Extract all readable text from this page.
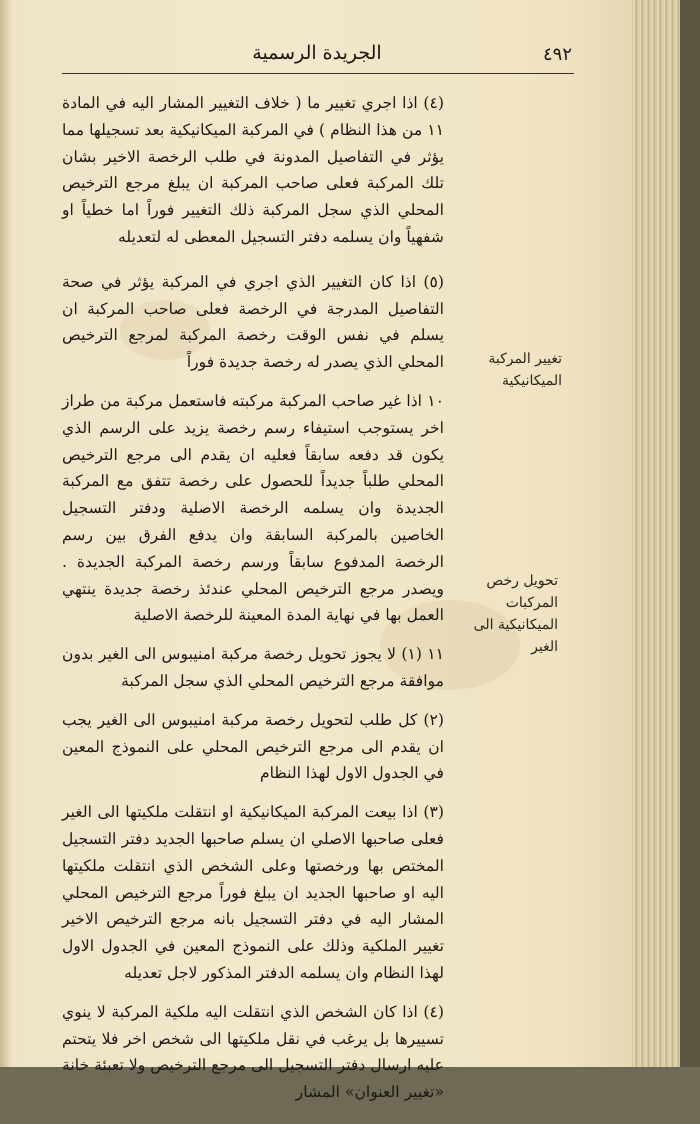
٤٩٢
الجريدة الرسمية

(٤) اذا اجري تغيير ما ( خلاف التغيير المشار اليه في المادة ١١ من هذا النظام ) في المركبة الميكانيكية بعد تسجيلها مما يؤثر في التفاصيل المدونة في طلب الرخصة الاخير بشان تلك المركبة فعلى صاحب المركبة ان يبلغ مرجع الترخيص المحلي الذي سجل المركبة ذلك التغيير فوراً اما خطياً او شفهياً وان يسلمه دفتر التسجيل المعطى له لتعديله

(٥) اذا كان التغيير الذي اجري في المركبة يؤثر في صحة التفاصيل المدرجة في الرخصة فعلى صاحب المركبة ان يسلم في نفس الوقت رخصة المركبة لمرجع الترخيص المحلي الذي يصدر له رخصة جديدة فوراً

١٠ اذا غير صاحب المركبة مركبته فاستعمل مركبة من طراز اخر يستوجب استيفاء رسم رخصة يزيد على الرسم الذي يكون قد دفعه سابقاً فعليه ان يقدم الى مرجع الترخيص المحلي طلباً جديداً للحصول على رخصة تتفق مع المركبة الجديدة وان يسلمه الرخصة الاصلية ودفتر التسجيل الخاصين بالمركبة السابقة وان يدفع الفرق بين رسم الرخصة المدفوع سابقاً ورسم رخصة المركبة الجديدة . ويصدر مرجع الترخيص المحلي عندئذ رخصة جديدة ينتهي العمل بها في نهاية المدة المعينة للرخصة الاصلية

١١ (١) لا يجوز تحويل رخصة مركبة امنيبوس الى الغير بدون موافقة مرجع الترخيص المحلي الذي سجل المركبة

(٢) كل طلب لتحويل رخصة مركبة امنيبوس الى الغير يجب ان يقدم الى مرجع الترخيص المحلي على النموذج المعين في الجدول الاول لهذا النظام

(٣) اذا بيعت المركبة الميكانيكية او انتقلت ملكيتها الى الغير فعلى صاحبها الاصلي ان يسلم صاحبها الجديد دفتر التسجيل المختص بها ورخصتها وعلى الشخص الذي انتقلت ملكيتها اليه او صاحبها الجديد ان يبلغ فوراً مرجع الترخيص المحلي المشار اليه في دفتر التسجيل بانه مرجع الترخيص الاخير تغيير الملكية وذلك على النموذج المعين في الجدول الاول لهذا النظام وان يسلمه الدفتر المذكور لاجل تعديله

(٤) اذا كان الشخص الذي انتقلت اليه ملكية المركبة لا ينوي تسييرها بل يرغب في نقل ملكيتها الى شخص اخر فلا يتحتم عليه ارسال دفتر التسجيل الى مرجع الترخيص ولا تعبئة خانة «تغيير العنوان» المشار

تغيير المركبة الميكانيكية
تحويل رخص المركبات الميكانيكية الى الغير
